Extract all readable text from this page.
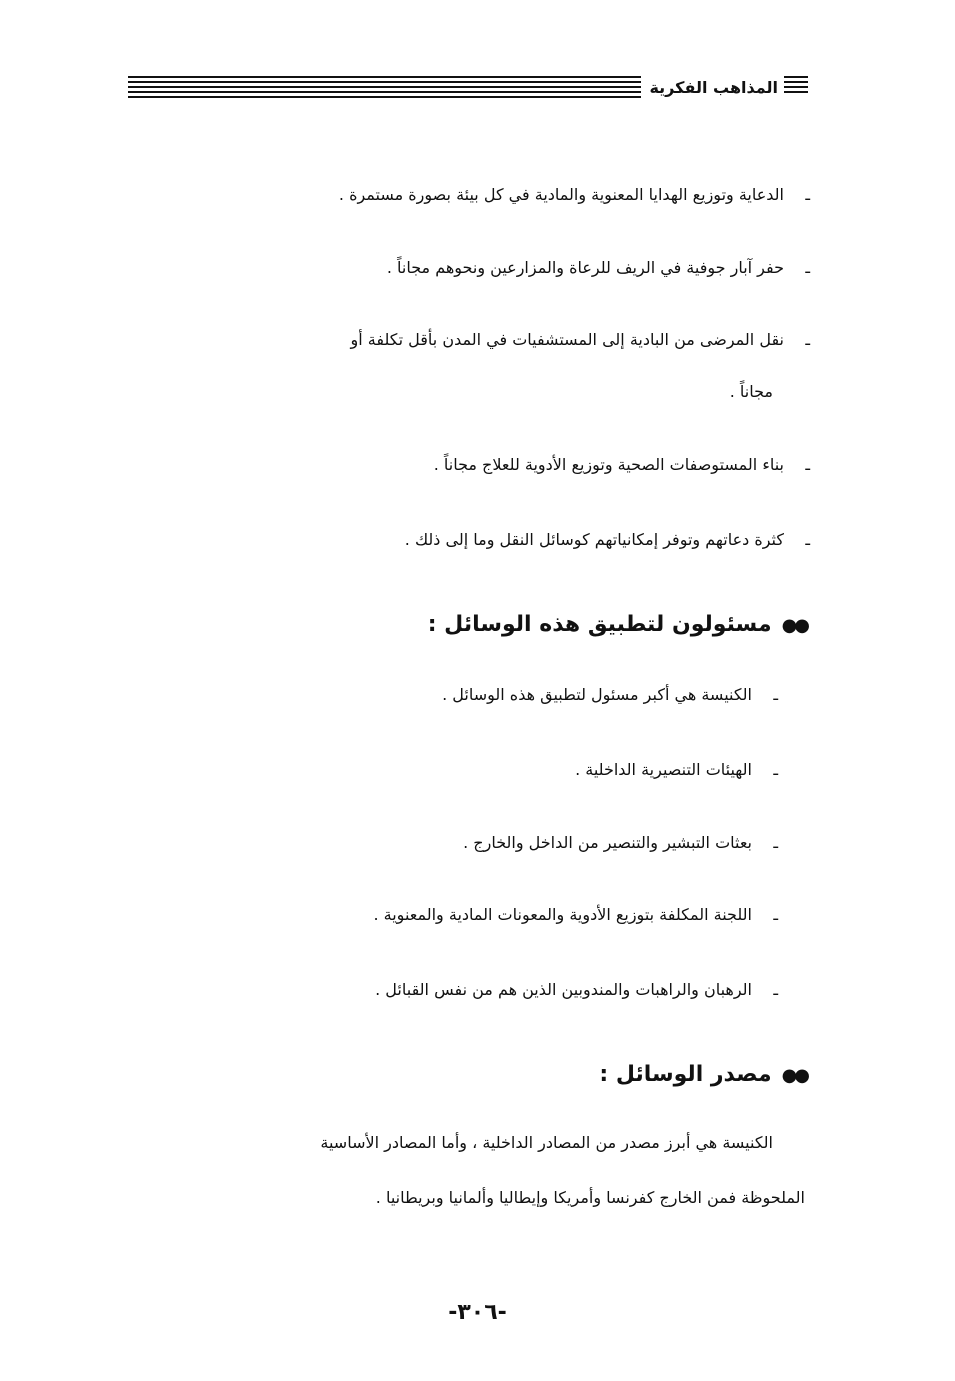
المذاهب الفكرية
ـالدعاية وتوزيع الهدايا المعنوية والمادية في كل بيئة بصورة مستمرة .
ـحفر آبار جوفية في الريف للرعاة والمزارعين ونحوهم مجاناً .
ـنقل المرضى من البادية إلى المستشفيات في المدن بأقل تكلفة أو
مجاناً .
ـبناء المستوصفات الصحية وتوزيع الأدوية للعلاج مجاناً .
ـكثرة دعاتهم وتوفر إمكانياتهم كوسائل النقل وما إلى ذلك .
●●مسئولون لتطبيق هذه الوسائل :
ـالكنيسة هي أكبر مسئول لتطبيق هذه الوسائل .
ـالهيئات التنصيرية الداخلية .
ـبعثات التبشير والتنصير من الداخل والخارج .
ـاللجنة المكلفة بتوزيع الأدوية والمعونات المادية والمعنوية .
ـالرهبان والراهبات والمندوبين الذين هم من نفس القبائل .
●●مصدر الوسائل :
الكنيسة هي أبرز مصدر من المصادر الداخلية ، وأما المصادر الأساسية
الملحوظة فمن الخارج كفرنسا وأمريكا وإيطاليا وألمانيا وبريطانيا .
-٣٠٦-
